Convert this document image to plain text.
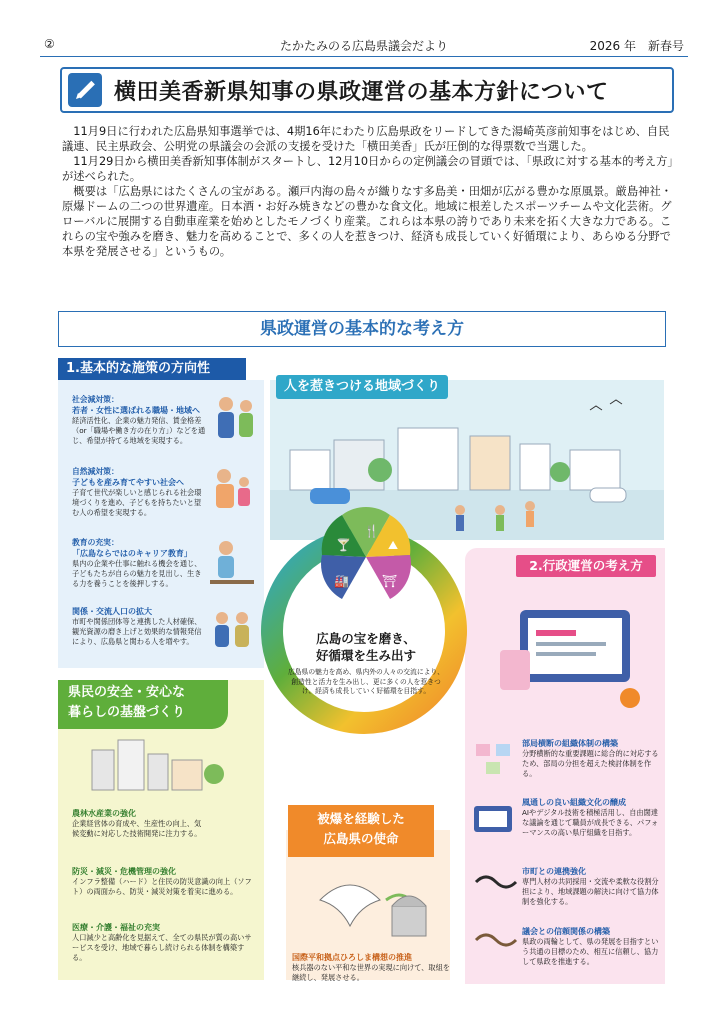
②	たかたみのる広島県議会だより	2026 年　新春号
横田美香新県知事の県政運営の基本方針について

11月9日に行われた広島県知事選挙では、4期16年にわたり広島県政をリードしてきた湯崎英彦前知事をはじめ、自民議連、民主県政会、公明党の県議会の会派の支援を受けた「横田美香」氏が圧倒的な得票数で当選した。

11月29日から横田美香新知事体制がスタートし、12月10日からの定例議会の冒頭では、「県政に対する基本的考え方」が述べられた。

概要は「広島県にはたくさんの宝がある。瀬戸内海の島々が織りなす多島美・田畑が広がる豊かな原風景。厳島神社・原爆ドームの二つの世界遺産。日本酒・お好み焼きなどの豊かな食文化。地域に根差したスポーツチームや文化芸術。グローバルに展開する自動車産業を始めとしたモノづくり産業。これらは本県の誇りであり未来を拓く大きな力である。これらの宝や強みを磨き、魅力を高めることで、多くの人を惹きつけ、経済も成長していく好循環により、あらゆる分野で本県を発展させる」というもの。

県政運営の基本的な考え方
1.基本的な施策の方向性
社会減対策：
若者・女性に選ばれる職場・地域へ
経済活性化、企業の魅力発信、賃金格差（or「職場や働き方の在り方」）などを通じ、希望が持てる地域を実現する。
自然減対策：
子どもを産み育てやすい社会へ
子育て世代が楽しいと感じられる社会環境づくりを進め、子どもを持ちたいと望む人の希望を実現する。
教育の充実：
「広島ならではのキャリア教育」
県内の企業や仕事に触れる機会を通じ、子どもたちが自らの魅力を見出し、生きる力を養うことを後押しする。
関係・交流人口の拡大
市町や関係団体等と連携した人材確保、観光資源の磨き上げと効果的な情報発信により、広島県と関わる人を増やす。
人を惹きつける地域づくり
2.行政運営の考え方
部局横断の組織体制の構築
分野横断的な重要課題に総合的に対応するため、部局の分担を超えた検討体制を作る。
風通しの良い組織文化の醸成
AIやデジタル技術を積極活用し、自由闊達な議論を通じて職員が成長できる、パフォーマンスの高い県庁組織を目指す。
市町との連携強化
専門人材の共同採用・交流や柔軟な役割分担により、地域課題の解決に向けて協力体制を強化する。
議会との信頼関係の構築
県政の両輪として、県の発展を目指すという共通の目標のため、相互に信頼し、協力して県政を推進する。
県民の安全・安心な
暮らしの基盤づくり
農林水産業の強化
企業経営体の育成や、生産性の向上、気候変動に対応した技術開発に注力する。
防災・減災・危機管理の強化
インフラ整備（ハード）と住民の防災意識の向上（ソフト）の両面から、防災・減災対策を着実に進める。
医療・介護・福祉の充実
人口減少と高齢化を見据えて、全ての県民が質の高いサービスを受け、地域で暮らし続けられる体制を構築する。
被爆を経験した
広島県の使命
国際平和拠点ひろしま構想の推進
核兵器のない平和な世界の実現に向けて、取組を継続し、発展させる。
🍴
🍸	⛰
🏭	⛩
広島の宝を磨き、
好循環を生み出す
広島県の魅力を高め、県内外の人々の交流により、創造性と活力を生み出し、更に多くの人を惹きつけ、経済も成長していく好循環を目指す。
